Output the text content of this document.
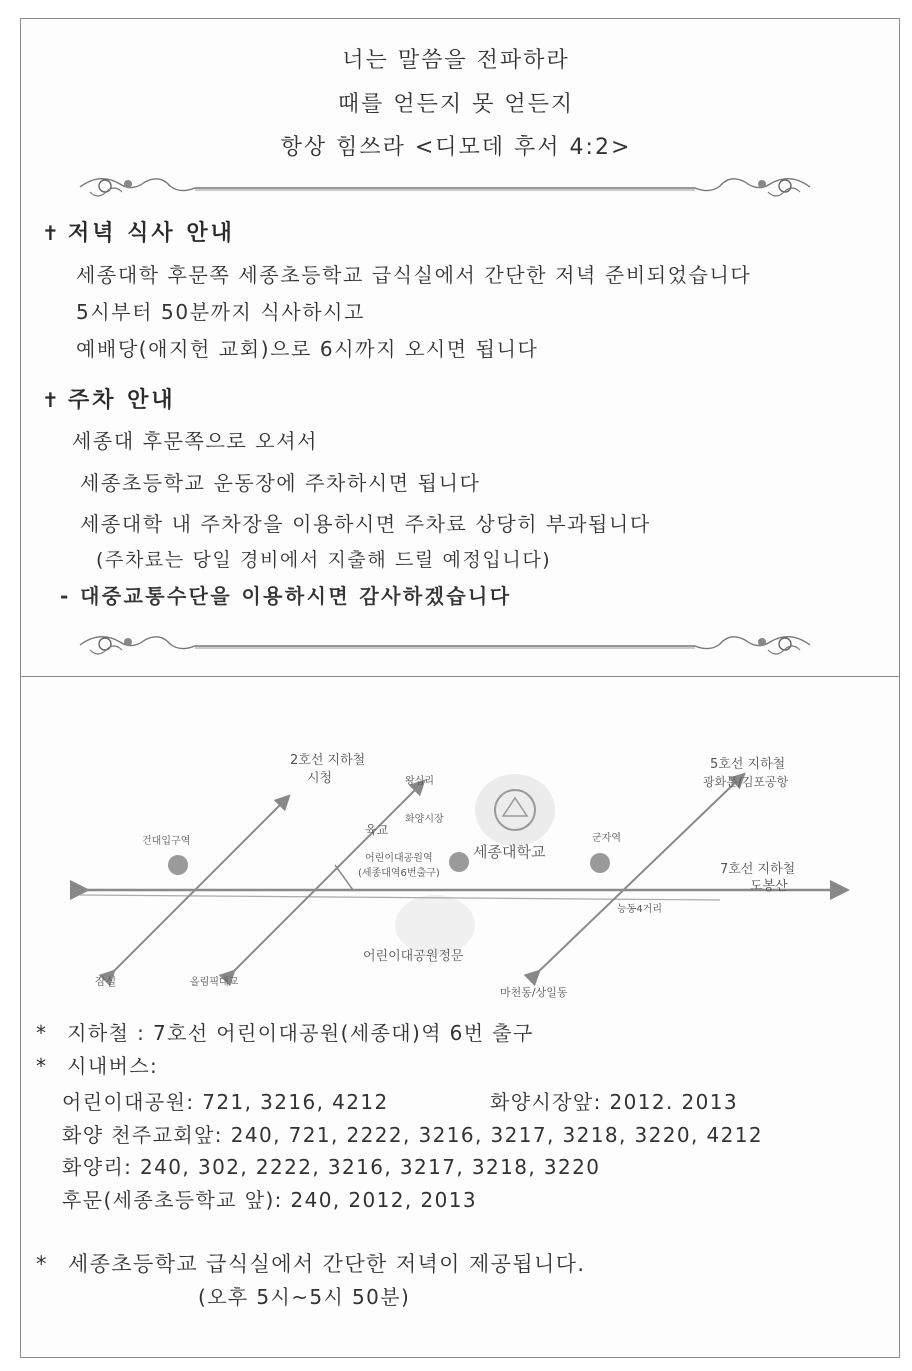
너는 말씀을 전파하라
때를 얻든지 못 얻든지
항상 힘쓰라 <디모데 후서 4:2>
✝ 저녁 식사 안내
세종대학 후문쪽 세종초등학교 급식실에서 간단한 저녁 준비되었습니다
5시부터 50분까지 식사하시고
예배당(애지헌 교회)으로 6시까지 오시면 됩니다
✝ 주차 안내
세종대 후문쪽으로 오셔서
세종초등학교 운동장에 주차하시면 됩니다
세종대학 내 주차장을 이용하시면 주차료 상당히 부과됩니다
(주차료는 당일 경비에서 지출해 드릴 예정입니다)
- 대중교통수단을 이용하시면 감사하겠습니다
2호선 지하철
시청
5호선 지하철
광화문/김포공항
7호선 지하철
도봉산
왕십리
화양시장
육교
건대입구역
어린이대공원역
(세종대역6번출구)
세종대학교
군자역
능동4거리
어린이대공원정문
잠실	올림픽대교
마천동/상일동
* 지하철 : 7호선 어린이대공원(세종대)역 6번 출구
* 시내버스:
어린이대공원: 721, 3216, 4212	화양시장앞: 2012. 2013
화양 천주교회앞: 240, 721, 2222, 3216, 3217, 3218, 3220, 4212
화양리: 240, 302, 2222, 3216, 3217, 3218, 3220
후문(세종초등학교 앞): 240, 2012, 2013
* 세종초등학교 급식실에서 간단한 저녁이 제공됩니다.
(오후 5시~5시 50분)
